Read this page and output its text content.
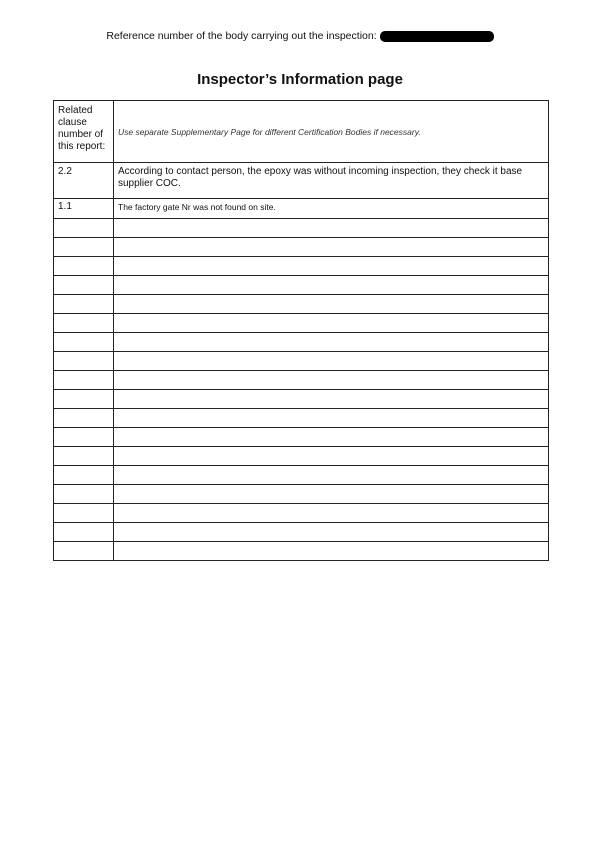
Reference number of the body carrying out the inspection:
Inspector’s Information page
Related clause number of this report:	Use separate Supplementary Page for different Certification Bodies if necessary.
2.2	According to contact person, the epoxy was without incoming inspection, they check it base supplier COC.
1.1	The factory gate Nr was not found on site.
